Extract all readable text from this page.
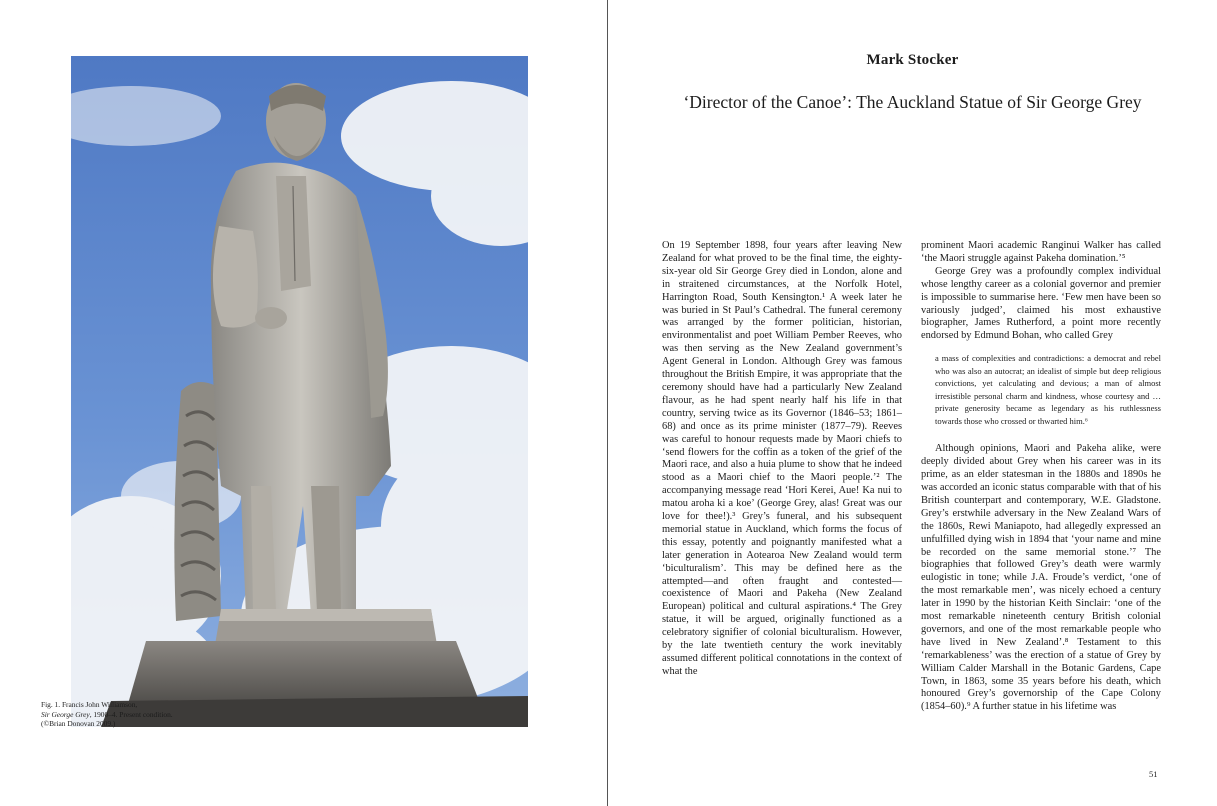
Fig. 1. Francis John Williamson,
Sir George Grey, 1900–4. Present condition. (©Brian Donovan 2009.)
Mark Stocker
‘Director of the Canoe’: The Auckland Statue of Sir George Grey

On 19 September 1898, four years after leaving New Zealand for what proved to be the final time, the eighty-six-year old Sir George Grey died in London, alone and in straitened circumstances, at the Norfolk Hotel, Harrington Road, South Kensington.¹ A week later he was buried in St Paul’s Cathedral. The funeral ceremony was arranged by the former politician, historian, environmentalist and poet William Pember Reeves, who was then serving as the New Zealand government’s Agent General in London. Although Grey was famous throughout the British Empire, it was appropriate that the ceremony should have had a particularly New Zealand flavour, as he had spent nearly half his life in that country, serving twice as its Governor (1846–53; 1861–68) and once as its prime minister (1877–79). Reeves was careful to honour requests made by Maori chiefs to ‘send flowers for the coffin as a token of the grief of the Maori race, and also a huia plume to show that he indeed stood as a Maori chief to the Maori people.’² The accompanying message read ‘Hori Kerei, Aue! Ka nui to matou aroha ki a koe’ (George Grey, alas! Great was our love for thee!).³ Grey’s funeral, and his subsequent memorial statue in Auckland, which forms the focus of this essay, potently and poignantly manifested what a later generation in Aotearoa New Zealand would term ‘biculturalism’. This may be defined here as the attempted—and often fraught and contested—coexistence of Maori and Pakeha (New Zealand European) political and cultural aspirations.⁴ The Grey statue, it will be argued, originally functioned as a celebratory signifier of colonial biculturalism. However, by the late twentieth century the work inevitably assumed different political connotations in the context of what the

prominent Maori academic Ranginui Walker has called ‘the Maori struggle against Pakeha domination.’⁵

George Grey was a profoundly complex individual whose lengthy career as a colonial governor and premier is impossible to summarise here. ‘Few men have been so variously judged’, claimed his most exhaustive biographer, James Rutherford, a point more recently endorsed by Edmund Bohan, who called Grey

a mass of complexities and contradictions: a democrat and rebel who was also an autocrat; an idealist of simple but deep religious convictions, yet calculating and devious; a man of almost irresistible personal charm and kindness, whose courtesy and … private generosity became as legendary as his ruthlessness towards those who crossed or thwarted him.⁶

Although opinions, Maori and Pakeha alike, were deeply divided about Grey when his career was in its prime, as an elder statesman in the 1880s and 1890s he was accorded an iconic status comparable with that of his British counterpart and contemporary, W.E. Gladstone. Grey’s erstwhile adversary in the New Zealand Wars of the 1860s, Rewi Maniapoto, had allegedly expressed an unfulfilled dying wish in 1894 that ‘your name and mine be recorded on the same memorial stone.’⁷ The biographies that followed Grey’s death were warmly eulogistic in tone; while J.A. Froude’s verdict, ‘one of the most remarkable men’, was nicely echoed a century later in 1990 by the historian Keith Sinclair: ‘one of the most remarkable nineteenth century British colonial governors, and one of the most remarkable people who have lived in New Zealand’.⁸ Testament to this ‘remarkableness’ was the erection of a statue of Grey by William Calder Marshall in the Botanic Gardens, Cape Town, in 1863, some 35 years before his death, which honoured Grey’s governorship of the Cape Colony (1854–60).⁹ A further statue in his lifetime was

51
